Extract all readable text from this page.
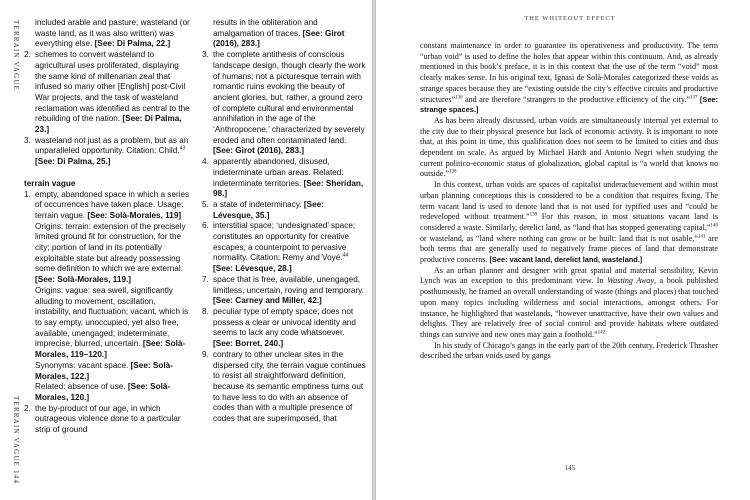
TERRAIN VAGUE
TERRAIN VAGUE 144
included arable and pasture; wasteland (or waste land, as it was also written) was everything else. [See: Di Palma, 22.]
2. schemes to convert wasteland to agricultural uses proliferated, displaying the same kind of millenarian zeal that infused so many other [English] post-Civil War projects, and the task of wasteland reclamation was identified as central to the rebuilding of the nation. [See: Di Palma, 23.]
3. wasteland not just as a problem, but as an unparalleled opportunity. Citation: Child.$^{43}$ [See: Di Palma, 25.]
terrain vague
1. empty, abandoned space in which a series of occurrences have taken place. Usage: terrain vague. [See: Solà-Morales, 119]
Origins: terrain: extension of the precisely limited ground fit for construction, for the city; portion of land in its potentially exploitable state but already possessing some definition to which we are external. [See: Solà-Morales, 119.]
Origins: vague: sea swell, significantly alluding to movement, oscillation, instability, and fluctuation; vacant, which is to say empty, unoccupied, yet also free, available, unengaged; indeterminate, imprecise, blurred, uncertain. [See: Solà-Morales, 119–120.]
Synonyms: vacant space. [See: Solà-Morales, 122.]
Related: absence of use. [See: Solà-Morales, 120.]
2. the by-product of our age, in which outrageous violence done to a particular strip of ground
results in the obliteration and amalgamation of traces. [See: Girot (2016), 283.]
3. the complete antithesis of conscious landscape design, though clearly the work of humans; not a picturesque terrain with romantic ruins evoking the beauty of ancient glories, but, rather, a ground zero of complete cultural and environmental annihilation in the age of the ‘Anthropocene,’ characterized by severely eroded and often contaminated land. [See: Girot (2016), 283.]
4. apparently abandoned, disused, indeterminate urban areas. Related: indeterminate territories. [See: Sheridan, 98.]
5. a state of indeterminacy. [See: Lévesque, 35.]
6. interstitial space; ‘undesignated’ space; constitutes an opportunity for creative escapes, a counterpoint to pervasive normality. Citation: Remy and Voyé.$^{44}$ [See: Lévesque, 28.]
7. space that is free, available, unengaged, limitless, uncertain, roving and temporary. [See: Carney and Miller, 42.]
8. peculiar type of empty space; does not possess a clear or univocal identity and seems to lack any code whatsoever. [See: Borret, 240.]
9. contrary to other unclear sites in the dispersed city, the terrain vague continues to resist all straightforward definition, because its semantic emptiness turns out to have less to do with an absence of codes than with a multiple presence of codes that are superimposed, that
THE WHITEOUT EFFECT

constant maintenance in order to guarantee its operativeness and productivity. The term “urban void” is used to define the holes that appear within this continuum. And, as already mentioned in this book’s preface, it is in this context that the use of the term “void” most clearly makes sense. In his original text, Ignasi de Solà-Morales categorized these voids as strange spaces because they are “existing outside the city’s effective circuits and productive structures”$^{136}$ and are therefore “strangers to the productive efficiency of the city.”$^{137}$ [See: strange spaces.]

As has been already discussed, urban voids are simultaneously internal yet external to the city due to their physical presence but lack of economic activity. It is important to note that, at this point in time, this qualification does not seem to be limited to cities and thus dependent on scale. As argued by Michael Hardt and Antonio Negri when studying the current politico-economic status of globalization, global capital is “a world that knows no outside.”$^{138}$

In this context, urban voids are spaces of capitalist underachievement and within most urban planning conceptions this is considered to be a condition that requires fixing. The term vacant land is used to denote land that is not used for typified uses and “could be redeveloped without treatment.”$^{139}$ For this reason, in most situations vacant land is considered a waste. Similarly, derelict land, as “land that has stopped generating capital,”$^{140}$ or wasteland, as “land where nothing can grow or be built: land that is not usable,”$^{141}$ are both terms that are generally used to negatively frame pieces of land that demonstrate productive concerns. [See: vacant land, derelict land, wasteland.]

As an urban planner and designer with great spatial and material sensibility, Kevin Lynch was an exception to this predominant view. In Wasting Away, a book published posthumously, he framed an overall understanding of waste (things and places) that touched upon many topics including wilderness and social interactions, amongst others. For instance, he highlighted that wastelands, “however unattractive, have their own values and delights. They are relatively free of social control and provide habitats where outdated things can survive and new ones may gain a foothold.”$^{142}$

In his study of Chicago’s gangs in the early part of the 20th century, Frederick Thrasher described the urban voids used by gangs

145
